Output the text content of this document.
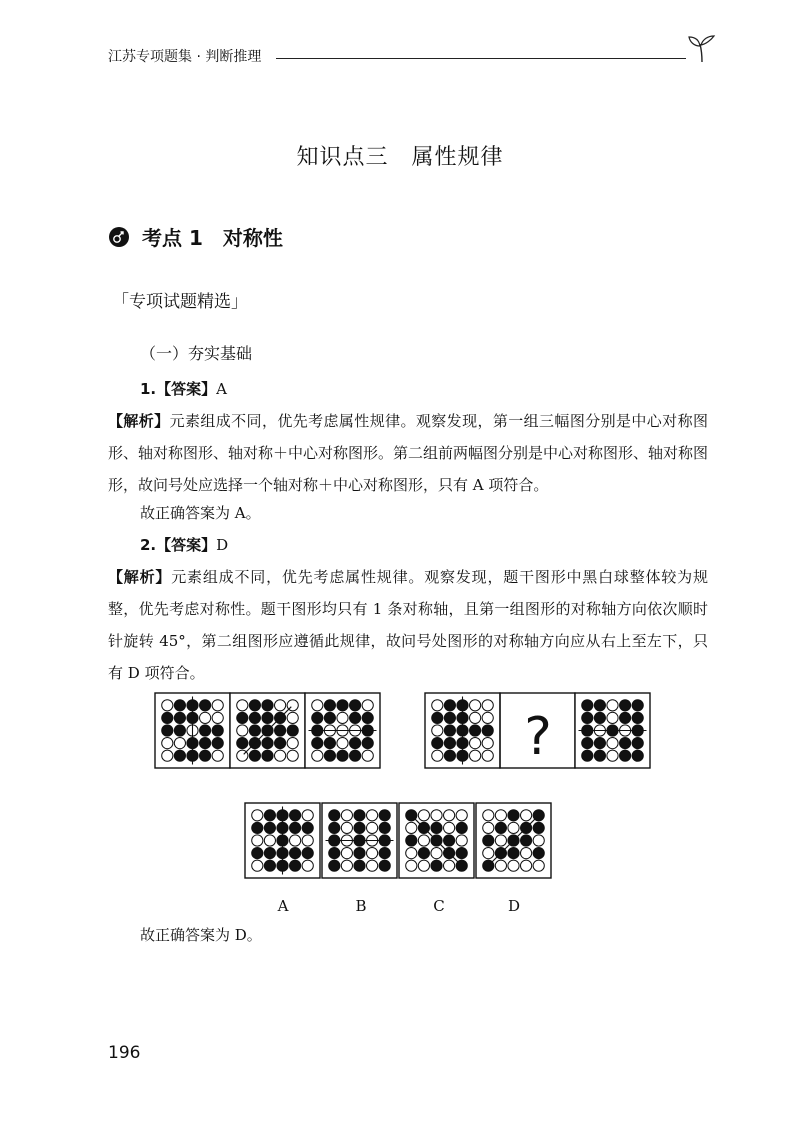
江苏专项题集 · 判断推理
知识点三　属性规律
考点 1　对称性
「专项试题精选」
（一）夯实基础
1.【答案】A
【解析】元素组成不同，优先考虑属性规律。观察发现，第一组三幅图分别是中心对称图形、轴对称图形、轴对称＋中心对称图形。第二组前两幅图分别是中心对称图形、轴对称图形，故问号处应选择一个轴对称＋中心对称图形，只有 A 项符合。
故正确答案为 A。
2.【答案】D
【解析】元素组成不同，优先考虑属性规律。观察发现，题干图形中黑白球整体较为规整，优先考虑对称性。题干图形均只有 1 条对称轴，且第一组图形的对称轴方向依次顺时针旋转 45°，第二组图形应遵循此规律，故问号处图形的对称轴方向应从右上至左下，只有 D 项符合。
?
A	B	C	D
故正确答案为 D。
196
